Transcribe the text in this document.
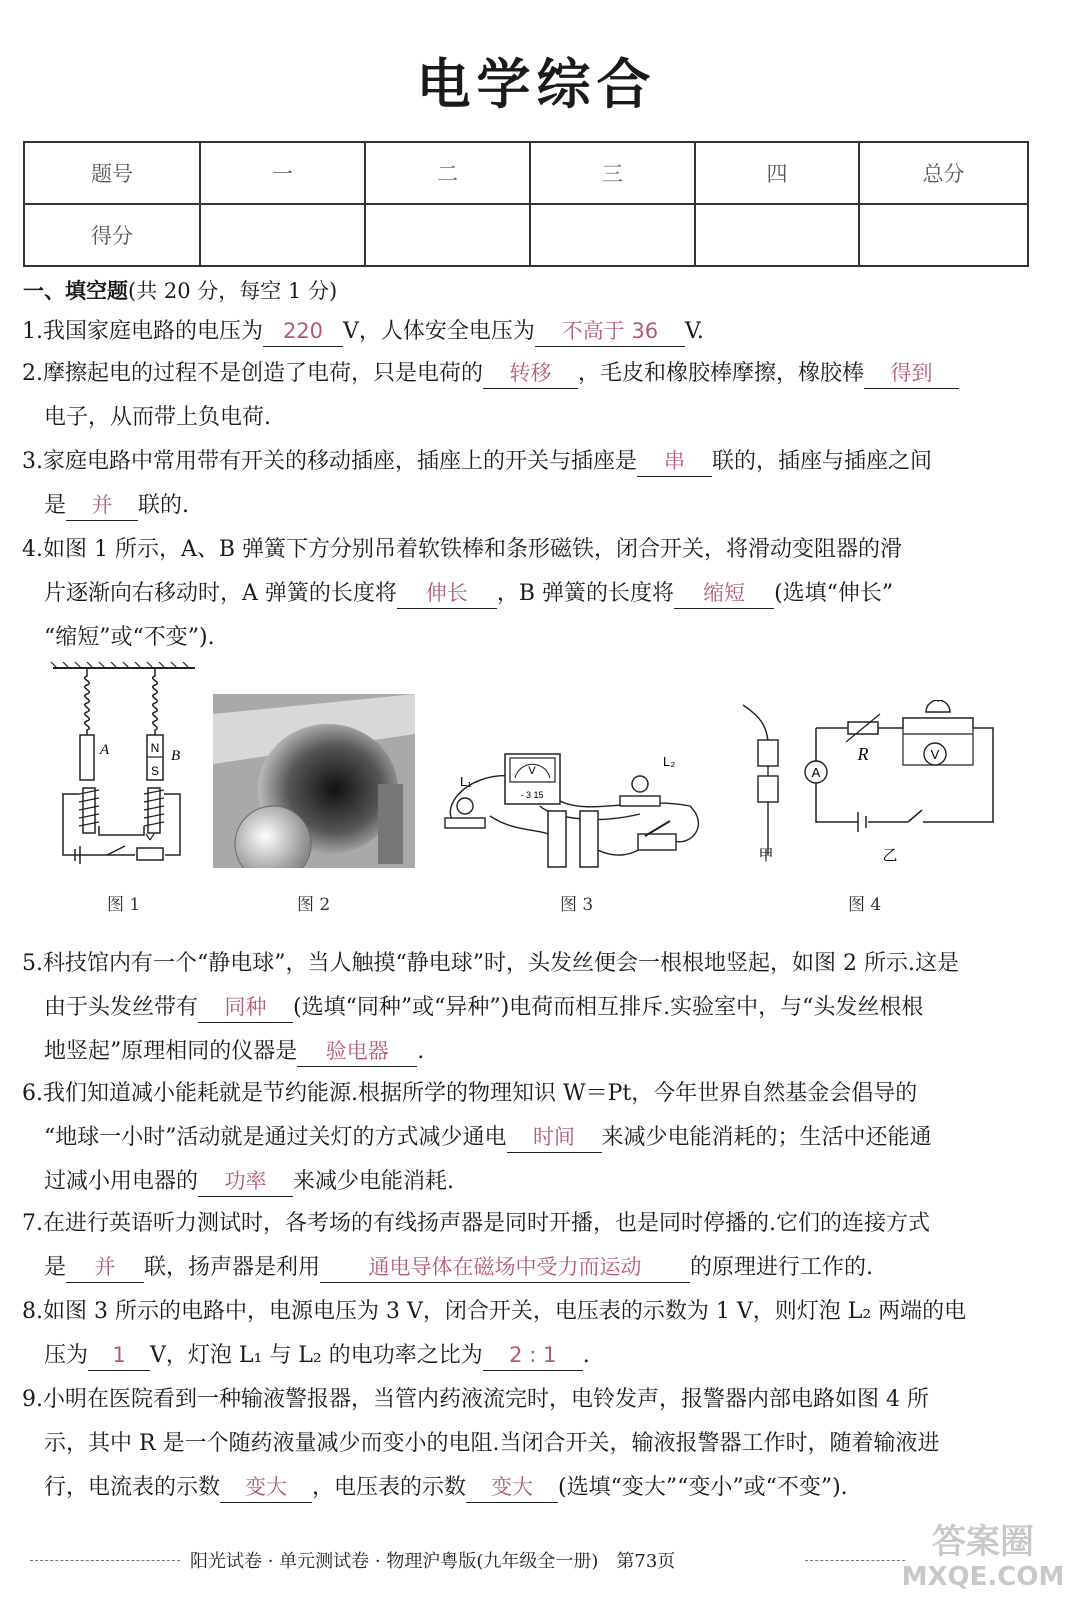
电学综合
题号	一	二	三	四	总分
得分					
一、填空题(共 20 分，每空 1 分)
1.我国家庭电路的电压为 220 V，人体安全电压为 不高于 36 V.
2.摩擦起电的过程不是创造了电荷，只是电荷的 转移 ，毛皮和橡胶棒摩擦，橡胶棒 得到
电子，从而带上负电荷.
3.家庭电路中常用带有开关的移动插座，插座上的开关与插座是 串 联的，插座与插座之间
是 并 联的.
4.如图 1 所示，A、B 弹簧下方分别吊着软铁棒和条形磁铁，闭合开关，将滑动变阻器的滑
片逐渐向右移动时，A 弹簧的长度将 伸长 ，B 弹簧的长度将 缩短 (选填“伸长”
“缩短”或“不变”).
N
S
A	B
图 1	图 2
V
- 3 15
L₂
L₁
图 3
甲
R	V
A
乙
图 4
5.科技馆内有一个“静电球”，当人触摸“静电球”时，头发丝便会一根根地竖起，如图 2 所示.这是
由于头发丝带有 同种 (选填“同种”或“异种”)电荷而相互排斥.实验室中，与“头发丝根根
地竖起”原理相同的仪器是 验电器 .
6.我们知道减小能耗就是节约能源.根据所学的物理知识 W＝Pt，今年世界自然基金会倡导的
“地球一小时”活动就是通过关灯的方式减少通电 时间 来减少电能消耗的；生活中还能通
过减小用电器的 功率 来减少电能消耗.
7.在进行英语听力测试时，各考场的有线扬声器是同时开播，也是同时停播的.它们的连接方式
是 并 联，扬声器是利用 通电导体在磁场中受力而运动 的原理进行工作的.
8.如图 3 所示的电路中，电源电压为 3 V，闭合开关，电压表的示数为 1 V，则灯泡 L₂ 两端的电
压为 1 V，灯泡 L₁ 与 L₂ 的电功率之比为 2 : 1 .
9.小明在医院看到一种输液警报器，当管内药液流完时，电铃发声，报警器内部电路如图 4 所
示，其中 R 是一个随药液量减少而变小的电阻.当闭合开关，输液报警器工作时，随着输液进
行，电流表的示数 变大 ，电压表的示数 变大 (选填“变大”“变小”或“不变”).
阳光试卷 · 单元测试卷 · 物理沪粤版(九年级全一册)　第73页	答案圈
MXQE.COM
